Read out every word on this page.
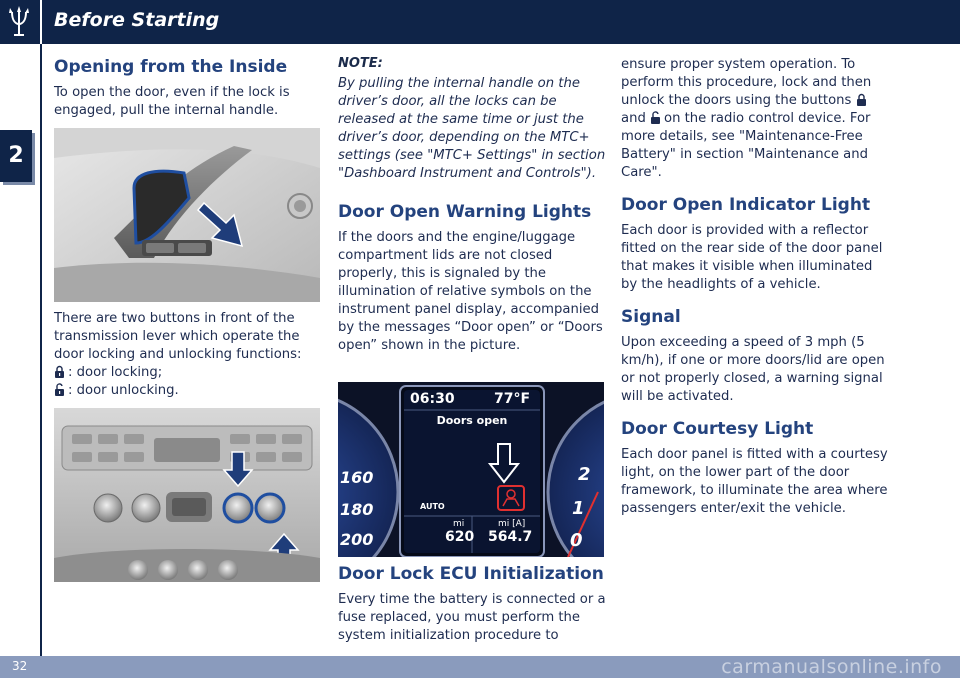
Before Starting
2
Opening from the Inside

To open the door, even if the lock is engaged, pull the internal handle.

There are two buttons in front of the transmission lever which operate the door locking and unlocking functions:

: door locking;

: door unlocking.

NOTE:

By pulling the internal handle on the driver’s door, all the locks can be released at the same time or just the driver’s door, depending on the MTC+ settings (see "MTC+ Settings" in section "Dashboard Instrument and Controls").

Door Open Warning Lights

If the doors and the engine/luggage compartment lids are not closed properly, this is signaled by the illumination of relative symbols on the instrument panel display, accompanied by the messages “Door open” or “Doors open” shown in the picture.

06:30	77°F
Doors open
AUTO
mi
620
mi [A]
564.7
160
180
200
2
1
0
Door Lock ECU Initialization

Every time the battery is connected or a fuse replaced, you must perform the system initialization procedure to

ensure proper system operation. To perform this procedure, lock and then unlock the doors using the buttons and on the radio control device. For more details, see "Maintenance-Free Battery" in section "Maintenance and Care".

Door Open Indicator Light

Each door is provided with a reflector fitted on the rear side of the door panel that makes it visible when illuminated by the headlights of a vehicle.

Signal

Upon exceeding a speed of 3 mph (5 km/h), if one or more doors/lid are open or not properly closed, a warning signal will be activated.

Door Courtesy Light

Each door panel is fitted with a courtesy light, on the lower part of the door framework, to illuminate the area where passengers enter/exit the vehicle.

32	carmanualsonline.info
